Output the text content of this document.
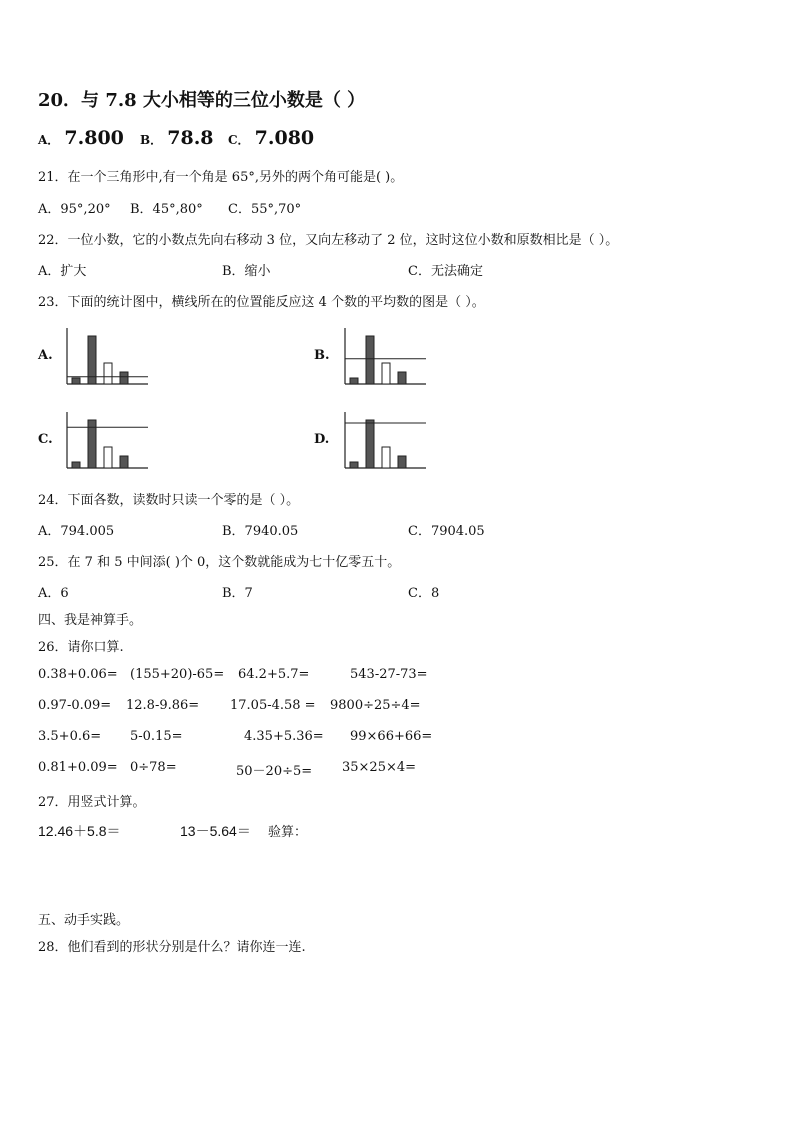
20．与 7.8 大小相等的三位小数是（ ）
A． 7.800 B． 78.8 C． 7.080
21．在一个三角形中,有一个角是 65°,另外的两个角可能是( )。
A．95°,20° B．45°,80° C．55°,70°
22．一位小数，它的小数点先向右移动 3 位，又向左移动了 2 位，这时这位小数和原数相比是（ ）。
A．扩大	B．缩小	C．无法确定
23．下面的统计图中，横线所在的位置能反应这 4 个数的平均数的图是（ ）。
A.	B.
C.	D.
24．下面各数，读数时只读一个零的是（ ）。
A．794.005	B．7940.05	C．7904.05
25．在 7 和 5 中间添( )个 0，这个数就能成为七十亿零五十。
A．6	B．7	C．8
四、我是神算手。
26．请你口算.
0.38+0.06= (155+20)-65= 64.2+5.7=	543-27-73=
0.97-0.09= 12.8-9.86= 17.05-4.58 = 9800÷25÷4=
3.5+0.6= 5-0.15=	4.35+5.36= 99×66+66=
0.81+0.09= 0÷78=	50－20÷5= 35×25×4=
27．用竖式计算。
12.46＋5.8＝	13－5.64＝ 验算：
五、动手实践。
28．他们看到的形状分别是什么？请你连一连.
